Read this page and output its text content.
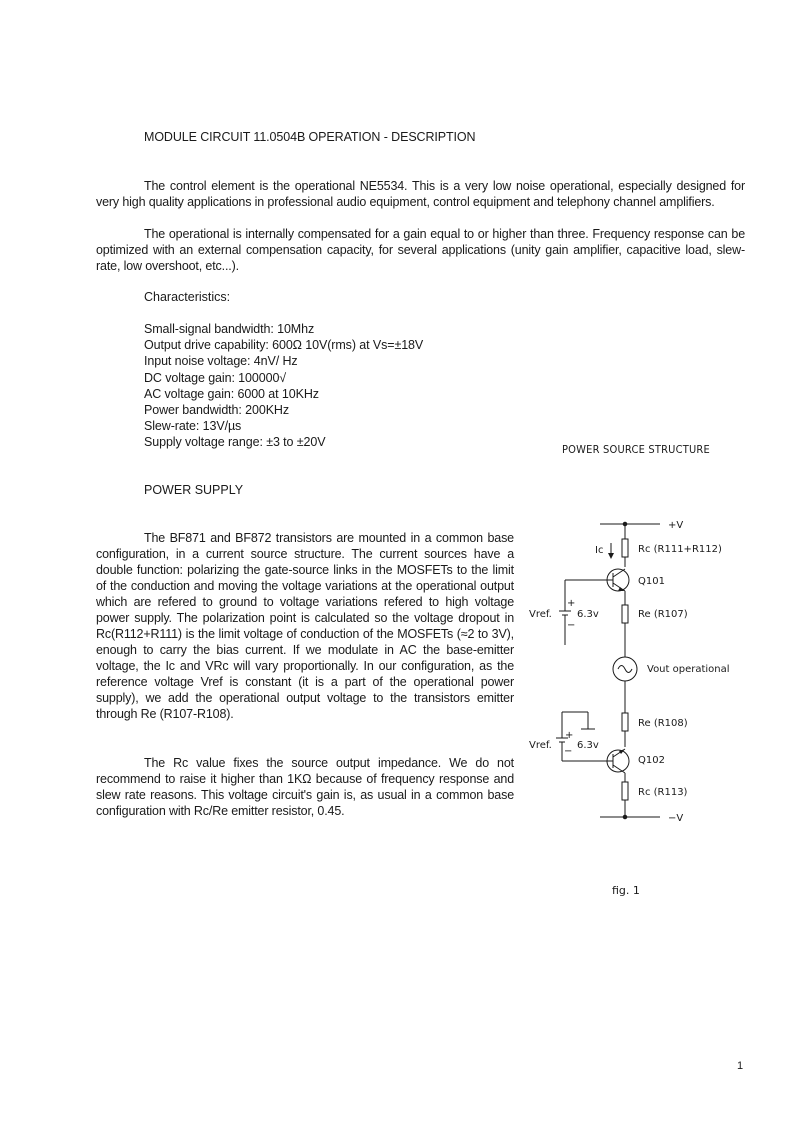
MODULE CIRCUIT 11.0504B OPERATION - DESCRIPTION
The control element is the operational NE5534. This is a very low noise operational, especially designed for very high quality applications in professional audio equipment, control equipment and telephony channel amplifiers.
The operational is internally compensated for a gain equal to or higher than three. Frequency response can be optimized with an external compensation capacity, for several applications (unity gain amplifier, capacitive load, slew-rate, low overshoot, etc...).
Characteristics:
Small-signal bandwidth: 10Mhz
Output drive capability: 600Ω 10V(rms) at Vs=±18V
Input noise voltage: 4nV/ Hz
DC voltage gain: 100000√
AC voltage gain: 6000 at 10KHz
Power bandwidth: 200KHz
Slew-rate: 13V/µs
Supply voltage range: ±3 to ±20V
POWER SOURCE STRUCTURE
POWER SUPPLY
The BF871 and BF872 transistors are mounted in a common base configuration, in a current source structure. The current sources have a double function: polarizing the gate-source links in the MOSFETs to the limit of the conduction and moving the voltage variations at the operational output which are refered to ground to voltage variations refered to high voltage power supply. The polarization point is calculated so the voltage dropout in Rc(R112+R111) is the limit voltage of conduction of the MOSFETs (≈2 to 3V), enough to carry the bias current. If we modulate in AC the base-emitter voltage, the Ic and VRc will vary proportionally. In our configuration, as the reference voltage Vref is constant (it is a part of the operational power supply), we add the operational output voltage to the transistors emitter through Re (R107-R108).
The Rc value fixes the source output impedance. We do not recommend to raise it higher than 1KΩ because of frequency response and slew rate reasons. This voltage circuit's gain is, as usual in a common base configuration with Rc/Re emitter resistor, 0.45.
+V
Ic	Rc (R111+R112)
Q101
+
Vref.	6.3v
−
Re (R107)
Vout operational
Re (R108)
+
Vref.	6.3v
−
Q102
Rc (R113)
−V
fig. 1
1
